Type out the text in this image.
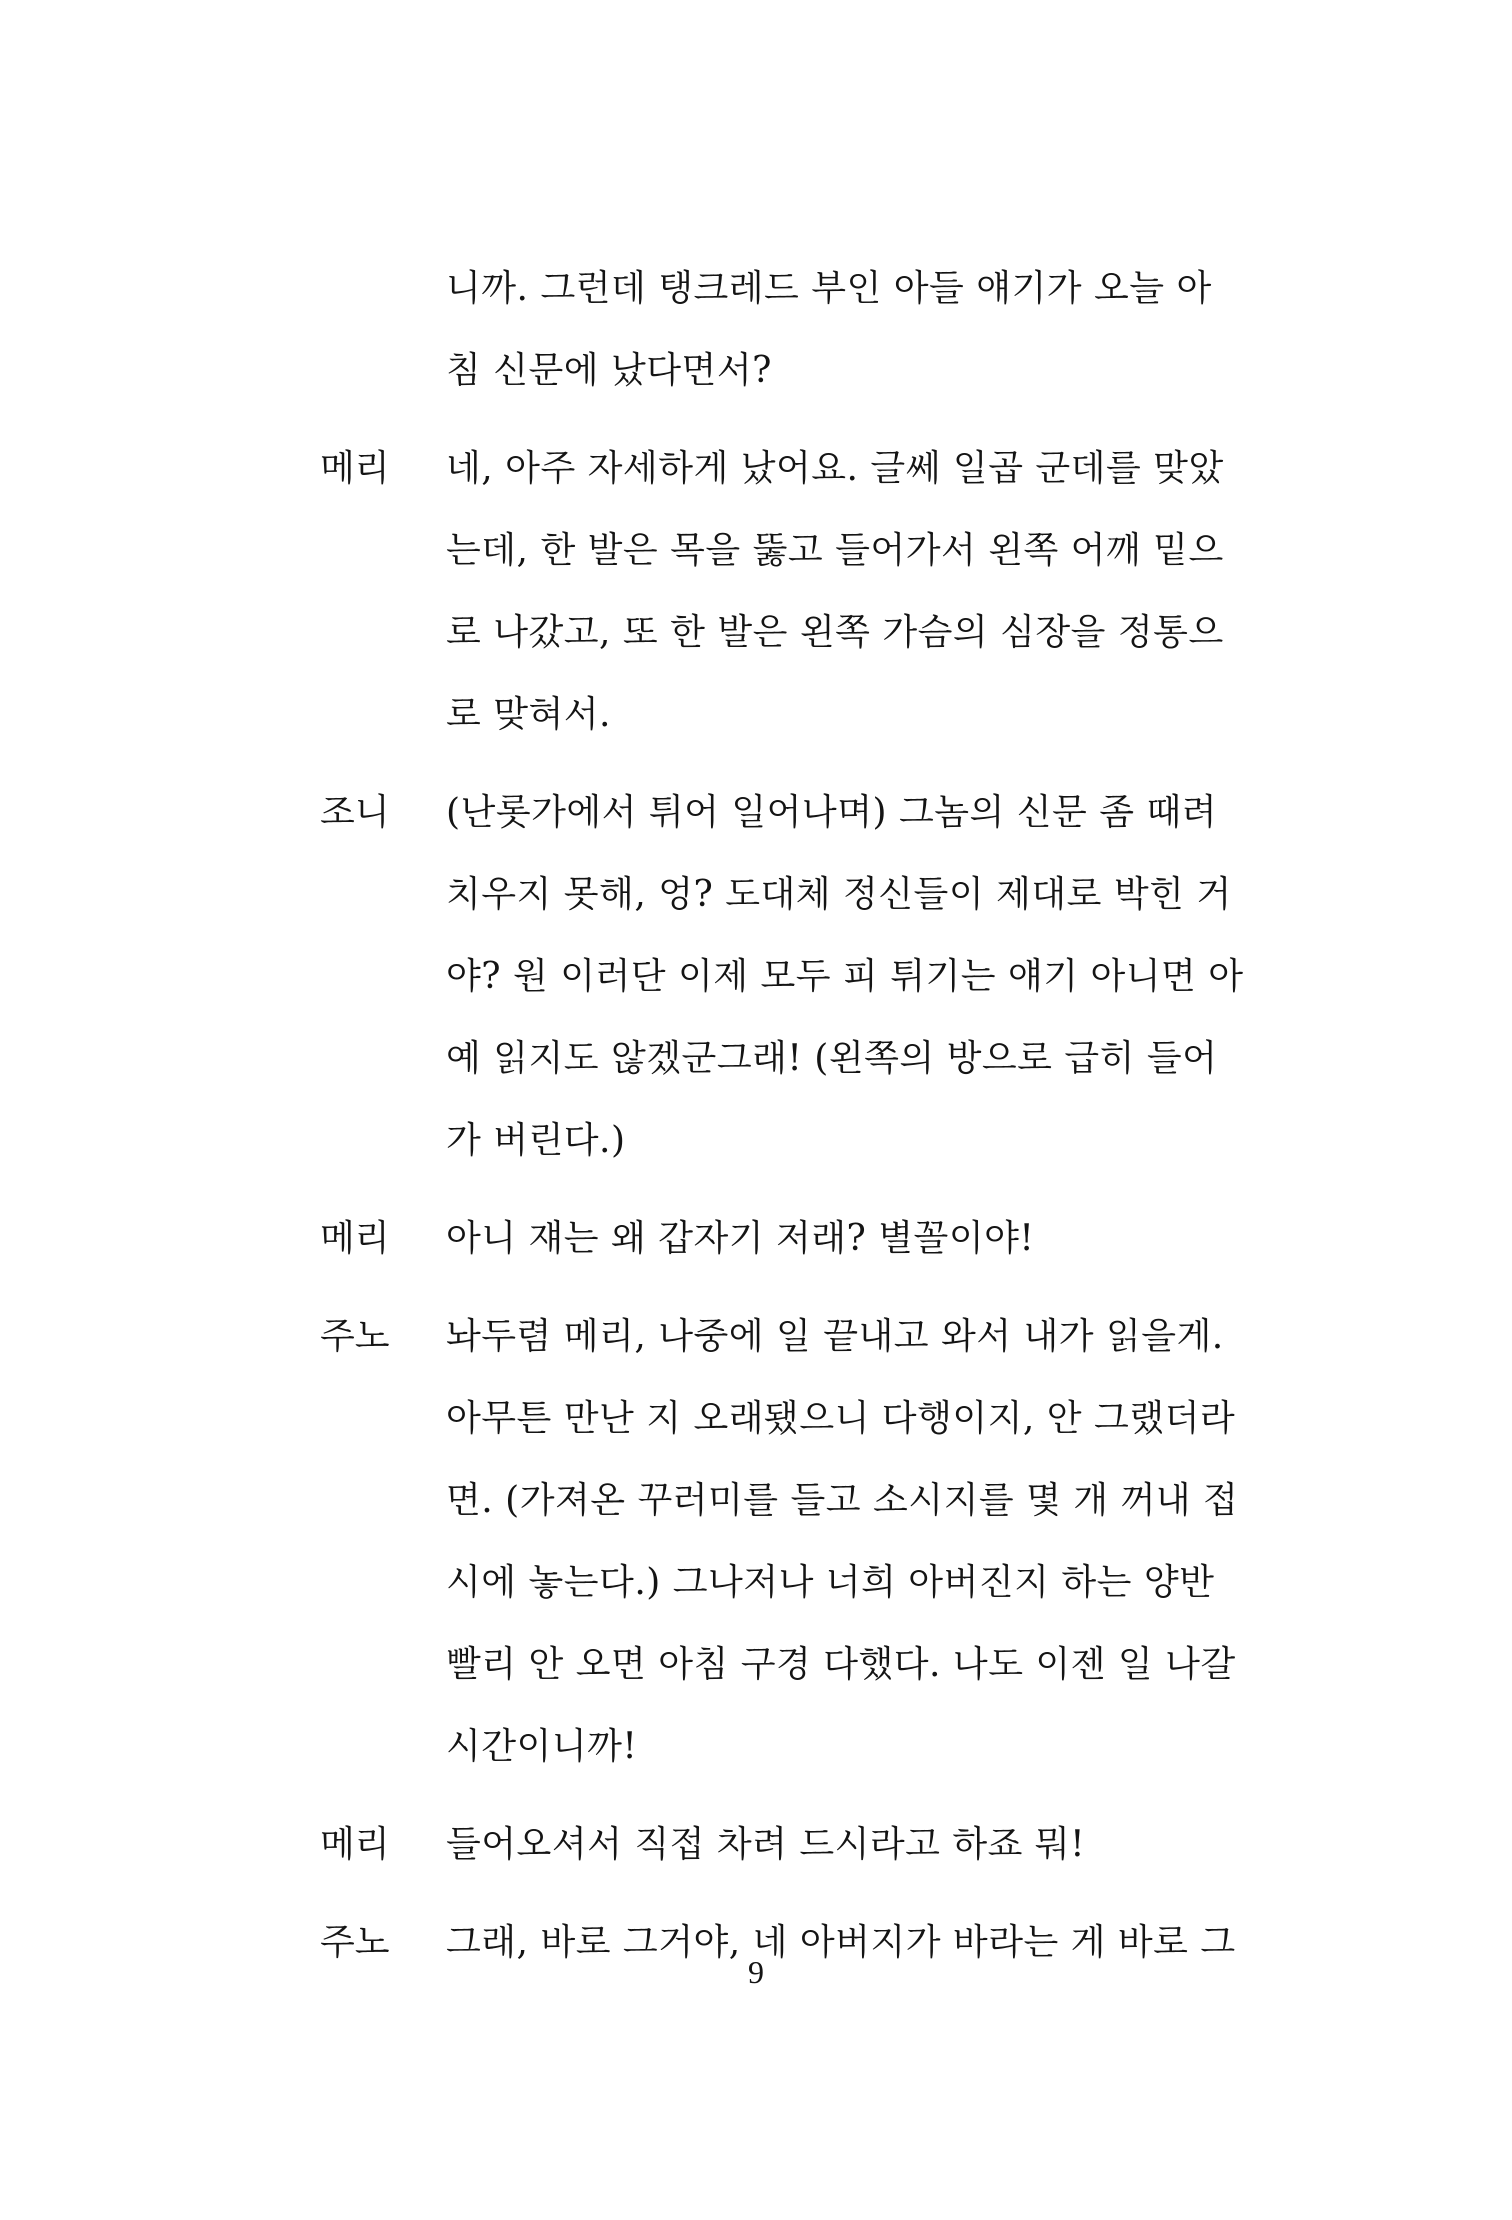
니까. 그런데 탱크레드 부인 아들 얘기가 오늘 아
침 신문에 났다면서?
메리	네, 아주 자세하게 났어요. 글쎄 일곱 군데를 맞았
는데, 한 발은 목을 뚫고 들어가서 왼쪽 어깨 밑으
로 나갔고, 또 한 발은 왼쪽 가슴의 심장을 정통으
로 맞혀서.
조니	(난롯가에서 튀어 일어나며) 그놈의 신문 좀 때려
치우지 못해, 엉? 도대체 정신들이 제대로 박힌 거
야? 원 이러단 이제 모두 피 튀기는 얘기 아니면 아
예 읽지도 않겠군그래! (왼쪽의 방으로 급히 들어
가 버린다.)
메리	아니 쟤는 왜 갑자기 저래? 별꼴이야!
주노	놔두렴 메리, 나중에 일 끝내고 와서 내가 읽을게.
아무튼 만난 지 오래됐으니 다행이지, 안 그랬더라
면. (가져온 꾸러미를 들고 소시지를 몇 개 꺼내 접
시에 놓는다.) 그나저나 너희 아버진지 하는 양반
빨리 안 오면 아침 구경 다했다. 나도 이젠 일 나갈
시간이니까!
메리	들어오셔서 직접 차려 드시라고 하죠 뭐!
주노	그래, 바로 그거야, 네 아버지가 바라는 게 바로 그
9
